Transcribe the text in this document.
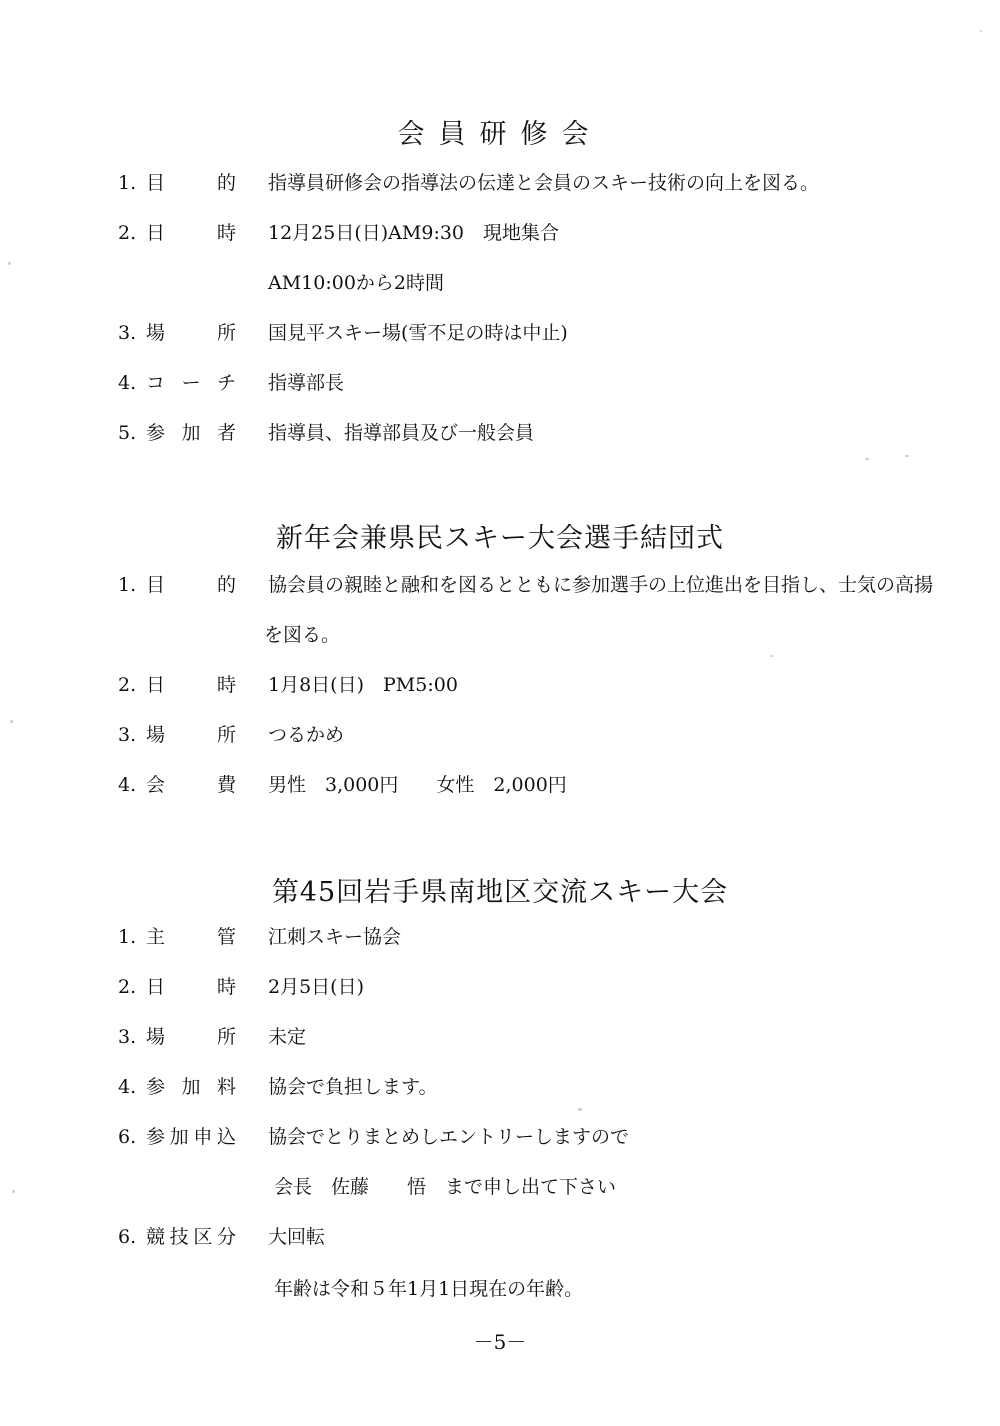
会員研修会
1. 目　的 指導員研修会の指導法の伝達と会員のスキー技術の向上を図る。
2. 日　時 12月25日(日)AM9:30　現地集合
AM10:00から2時間
3. 場　所 国見平スキー場(雪不足の時は中止)
4. コーチ 指導部長
5. 参加者 指導員、指導部員及び一般会員
新年会兼県民スキー大会選手結団式
1. 目　的 協会員の親睦と融和を図るとともに参加選手の上位進出を目指し、士気の高揚
を図る。
2. 日　時 1月8日(日)　PM5:00
3. 場　所 つるかめ
4. 会　費 男性　3,000円　　女性　2,000円
第45回岩手県南地区交流スキー大会
1. 主　管 江刺スキー協会
2. 日　時 2月5日(日)
3. 場　所 未定
4. 参加料 協会で負担します。
6. 参加申込 協会でとりまとめしエントリーしますので
会長　佐藤　　悟　まで申し出て下さい
6. 競技区分 大回転
年齢は令和５年1月1日現在の年齢。
－5－
